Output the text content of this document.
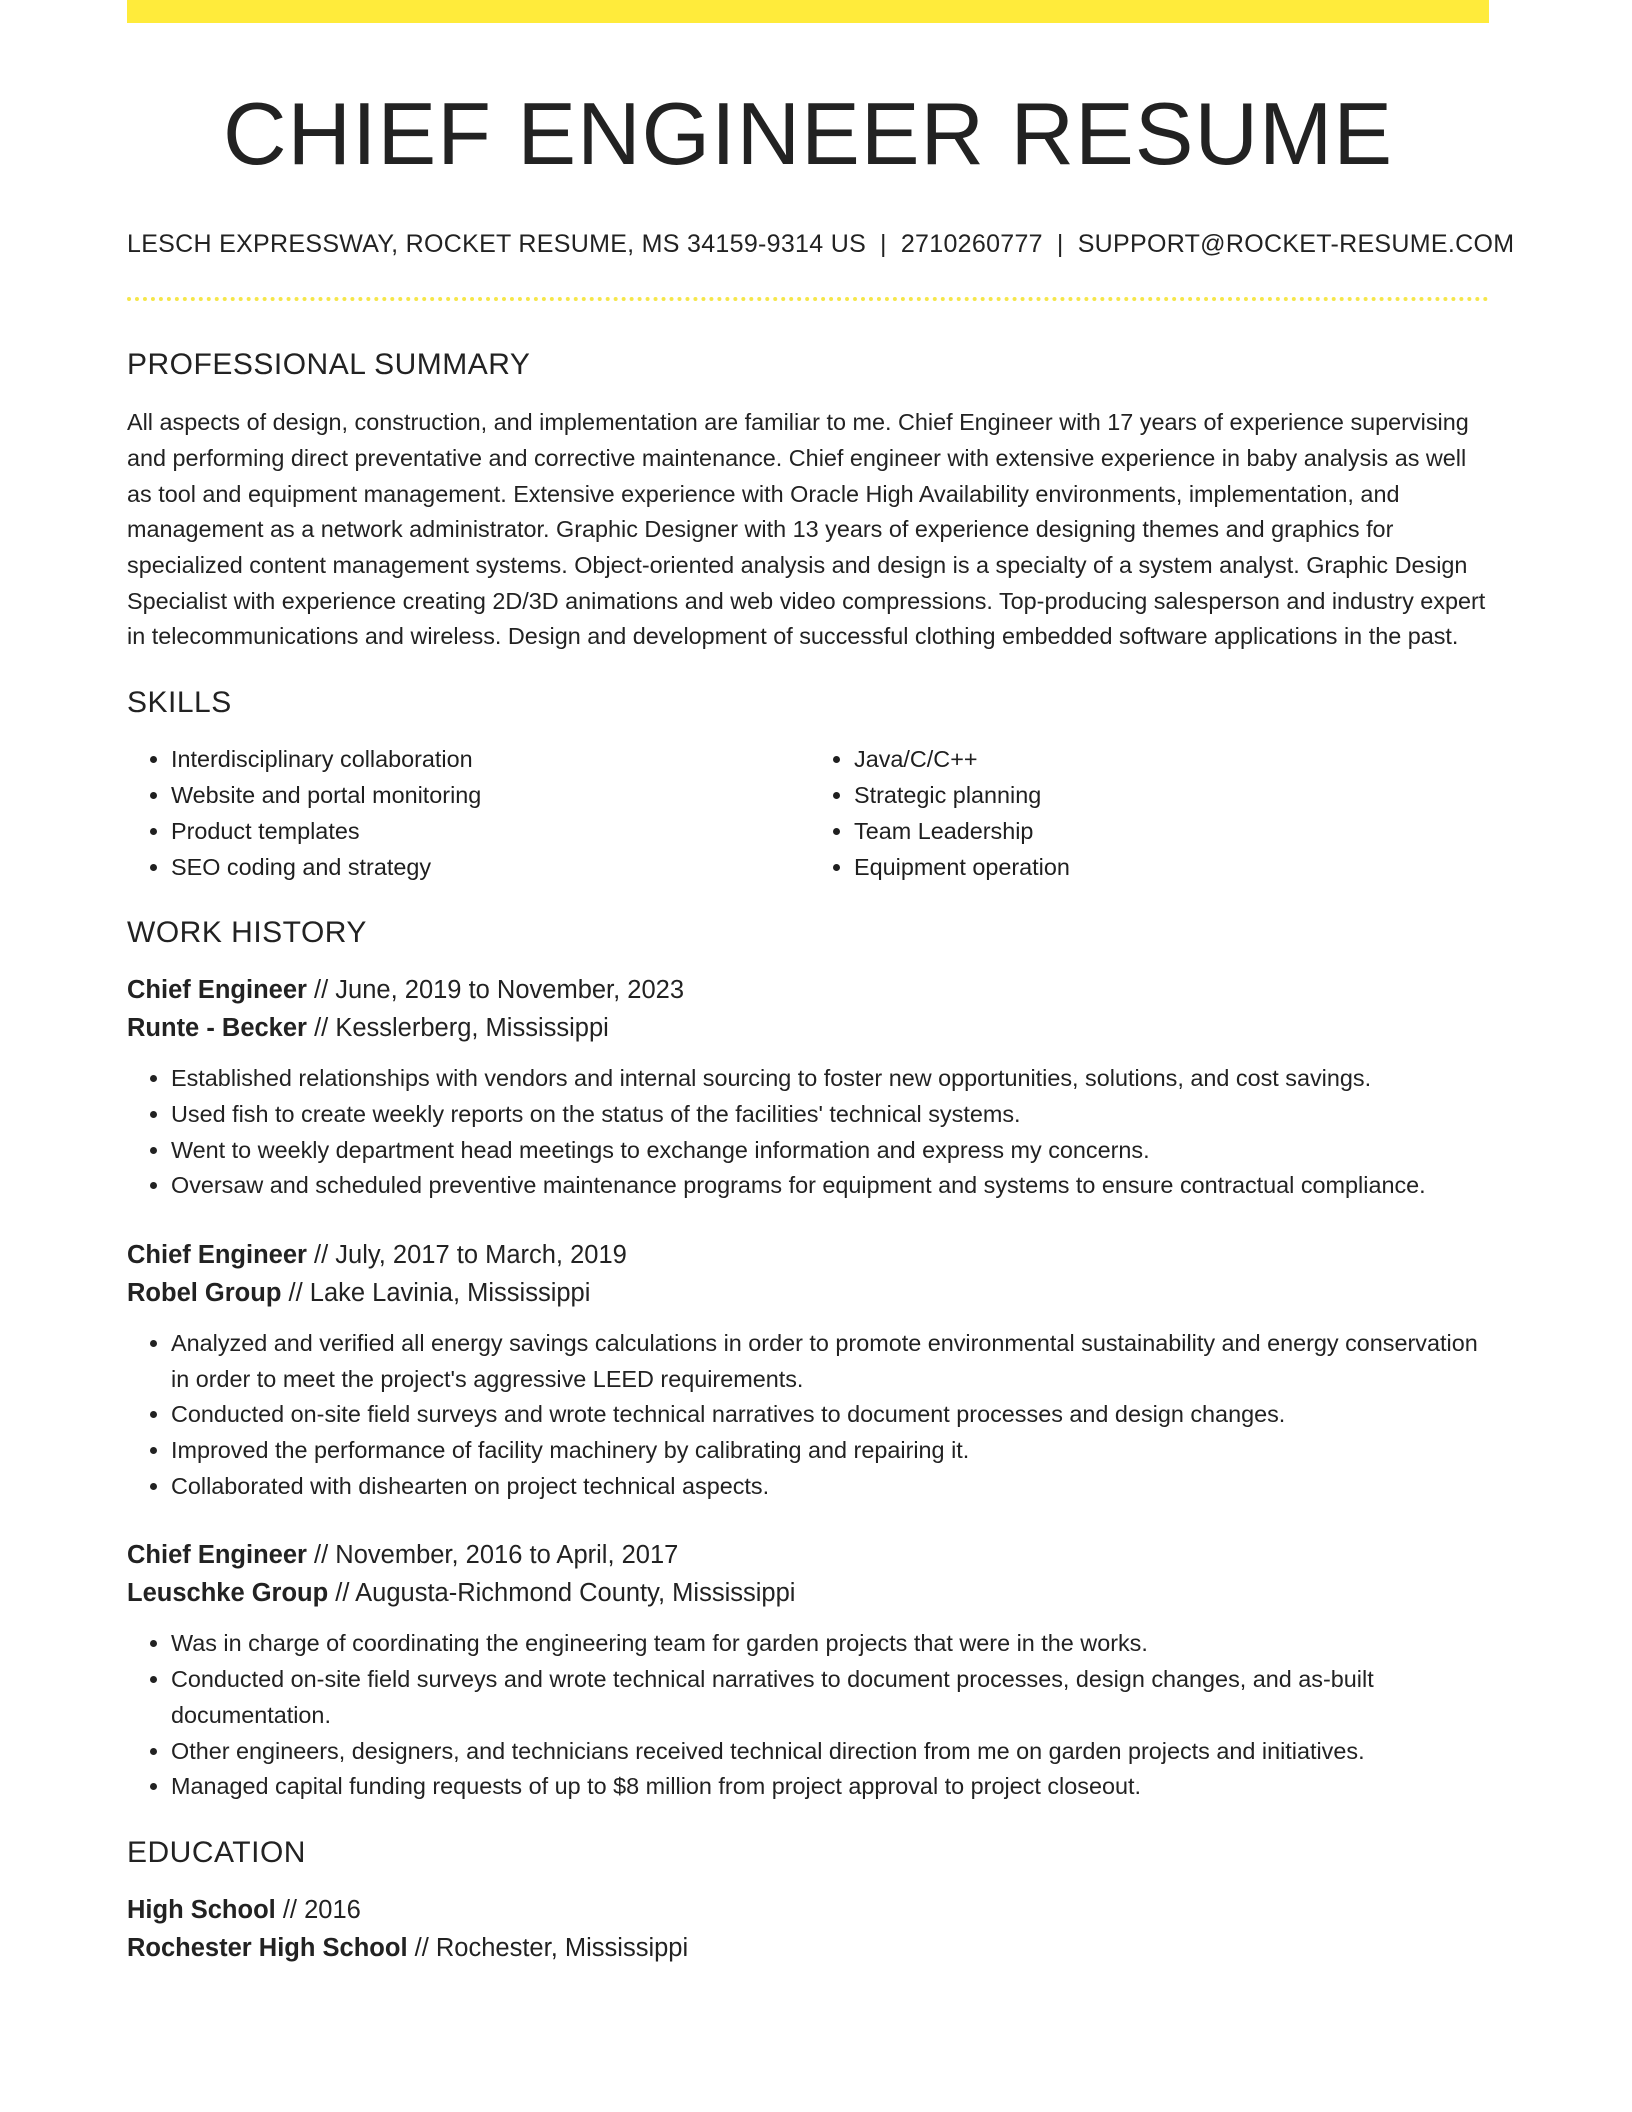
CHIEF ENGINEER RESUME
LESCH EXPRESSWAY, ROCKET RESUME, MS 34159-9314 US | 2710260777 | SUPPORT@ROCKET-RESUME.COM
PROFESSIONAL SUMMARY
All aspects of design, construction, and implementation are familiar to me. Chief Engineer with 17 years of experience supervising and performing direct preventative and corrective maintenance. Chief engineer with extensive experience in baby analysis as well as tool and equipment management. Extensive experience with Oracle High Availability environments, implementation, and management as a network administrator. Graphic Designer with 13 years of experience designing themes and graphics for specialized content management systems. Object-oriented analysis and design is a specialty of a system analyst. Graphic Design Specialist with experience creating 2D/3D animations and web video compressions. Top-producing salesperson and industry expert in telecommunications and wireless. Design and development of successful clothing embedded software applications in the past.
SKILLS
• Interdisciplinary collaboration
• Website and portal monitoring
• Product templates
• SEO coding and strategy
• Java/C/C++
• Strategic planning
• Team Leadership
• Equipment operation
WORK HISTORY
Chief Engineer // June, 2019 to November, 2023
Runte - Becker // Kesslerberg, Mississippi
• Established relationships with vendors and internal sourcing to foster new opportunities, solutions, and cost savings.
• Used fish to create weekly reports on the status of the facilities' technical systems.
• Went to weekly department head meetings to exchange information and express my concerns.
• Oversaw and scheduled preventive maintenance programs for equipment and systems to ensure contractual compliance.
Chief Engineer // July, 2017 to March, 2019
Robel Group // Lake Lavinia, Mississippi
• Analyzed and verified all energy savings calculations in order to promote environmental sustainability and energy conservation in order to meet the project's aggressive LEED requirements.
• Conducted on-site field surveys and wrote technical narratives to document processes and design changes.
• Improved the performance of facility machinery by calibrating and repairing it.
• Collaborated with dishearten on project technical aspects.
Chief Engineer // November, 2016 to April, 2017
Leuschke Group // Augusta-Richmond County, Mississippi
• Was in charge of coordinating the engineering team for garden projects that were in the works.
• Conducted on-site field surveys and wrote technical narratives to document processes, design changes, and as-built documentation.
• Other engineers, designers, and technicians received technical direction from me on garden projects and initiatives.
• Managed capital funding requests of up to $8 million from project approval to project closeout.
EDUCATION
High School // 2016
Rochester High School // Rochester, Mississippi
